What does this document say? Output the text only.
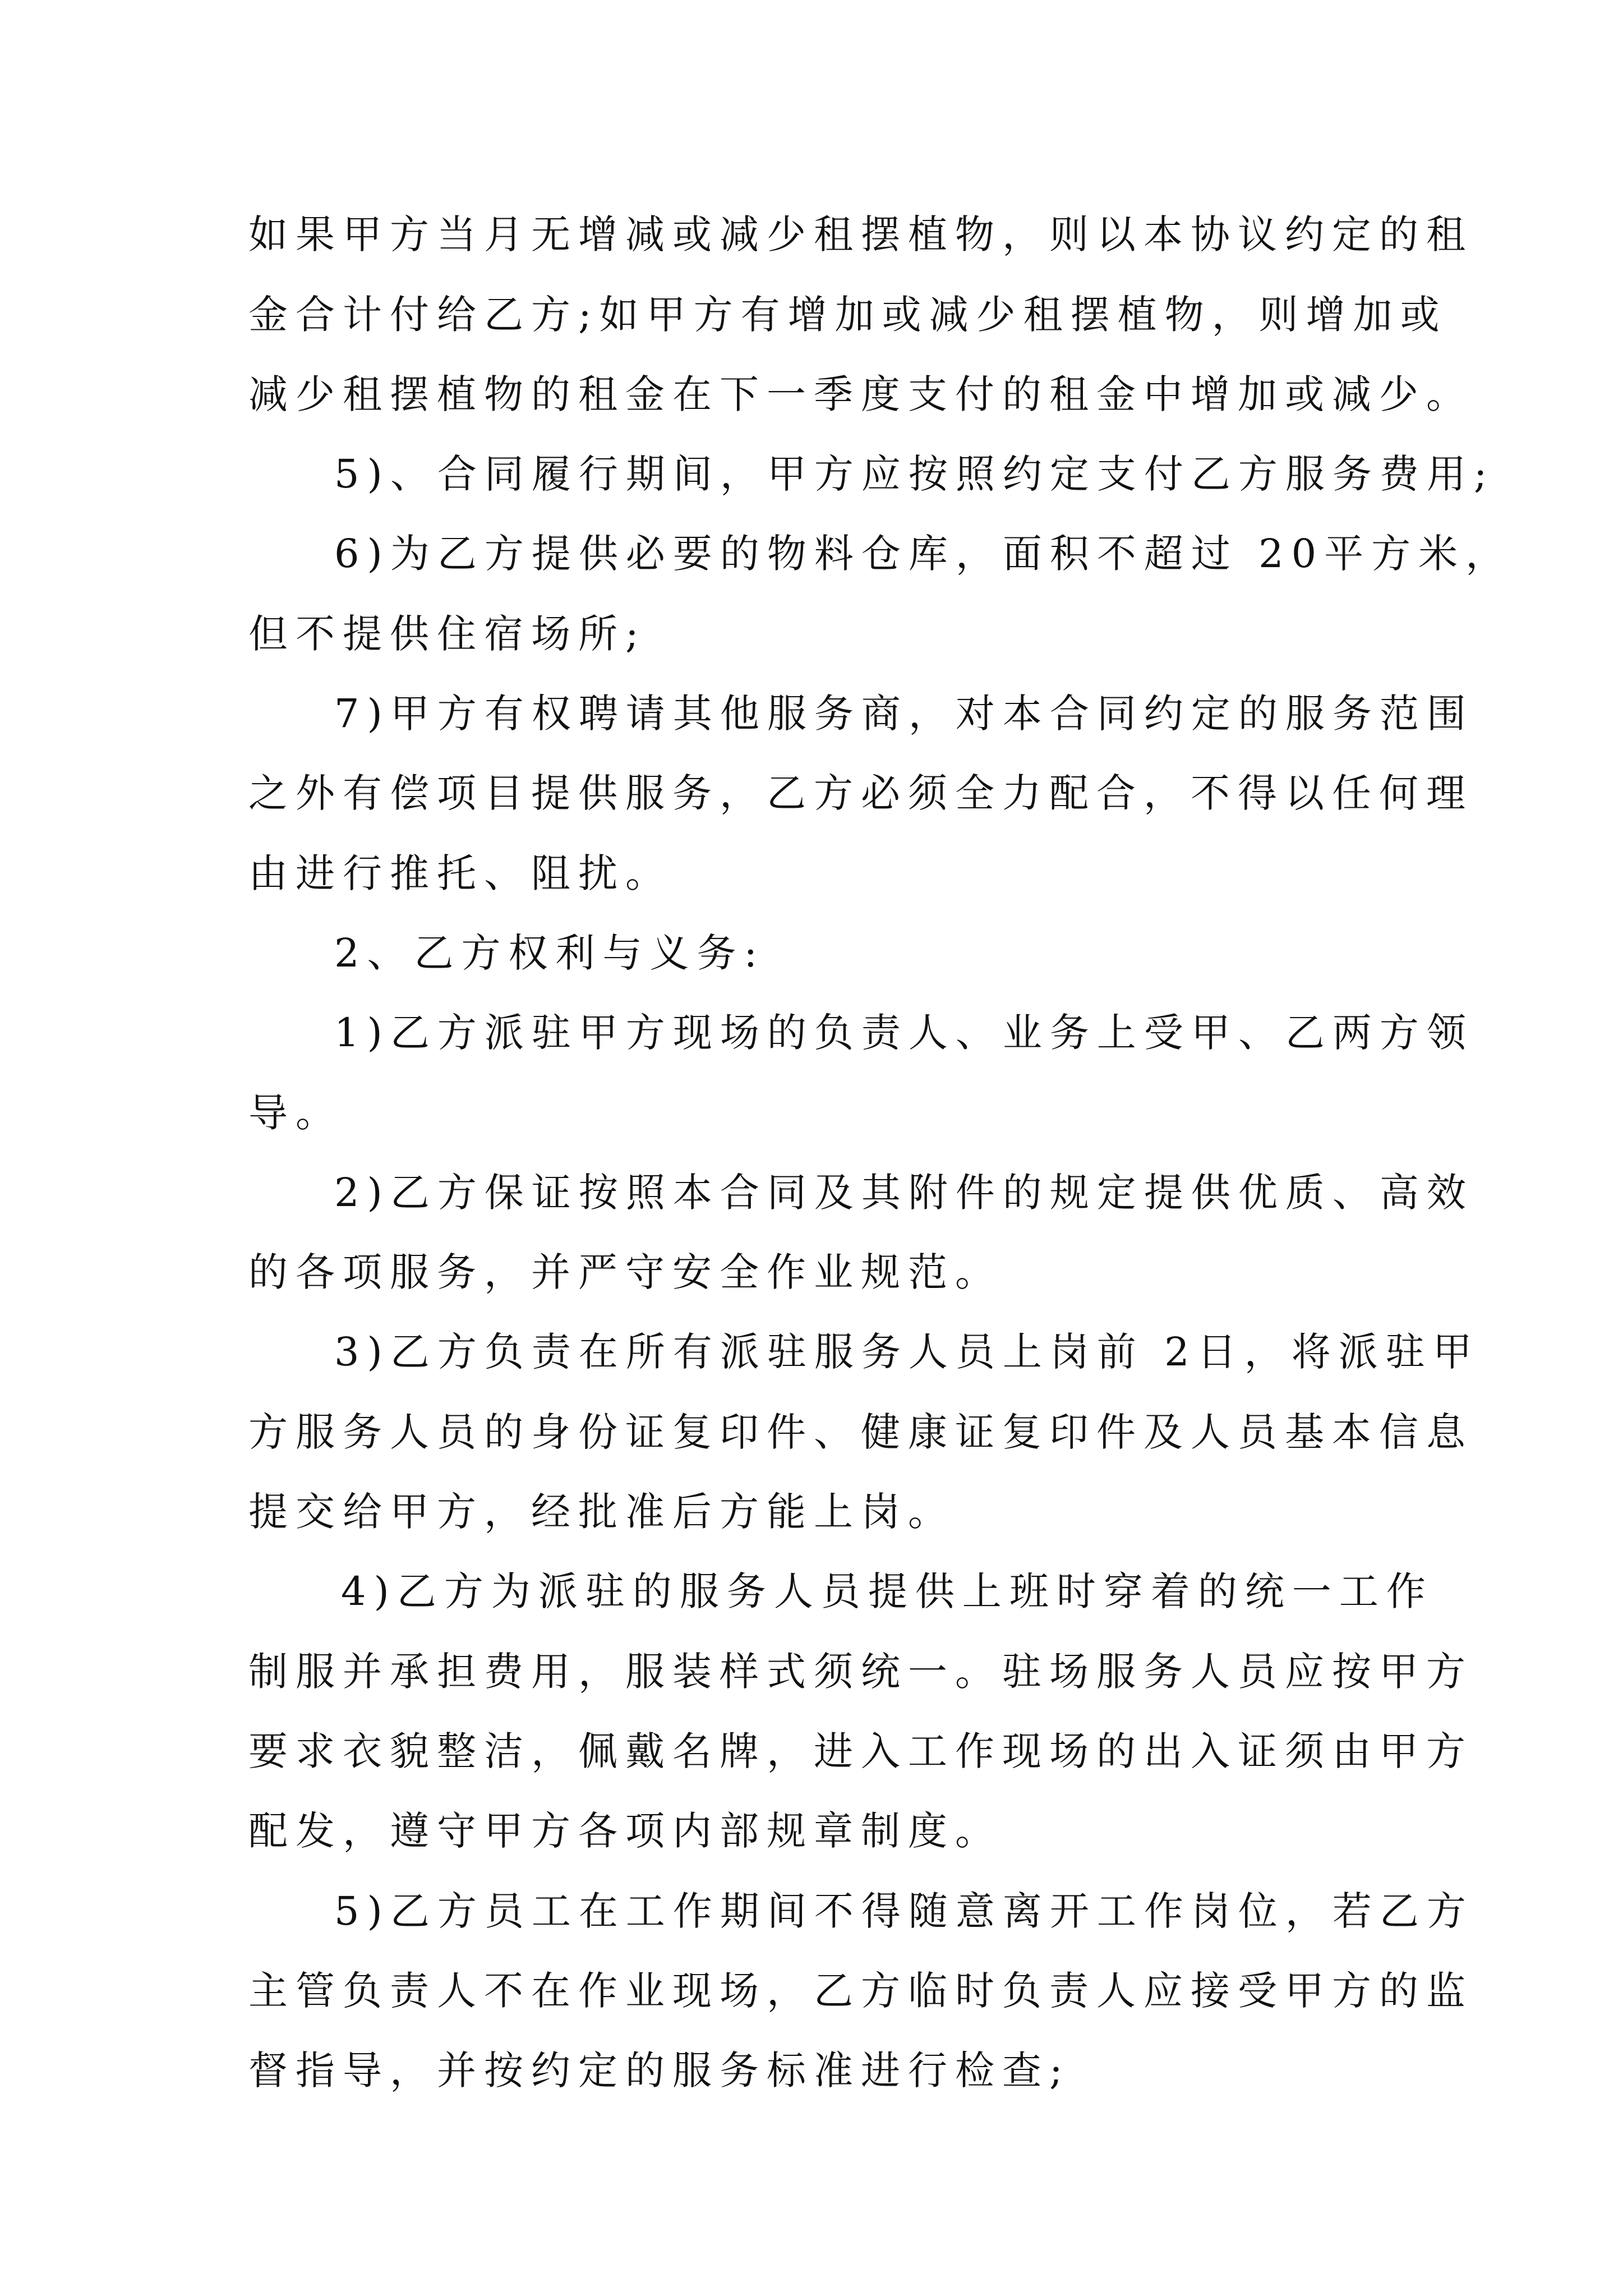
如果甲方当月无增减或减少租摆植物，则以本协议约定的租

金合计付给乙方;如甲方有增加或减少租摆植物，则增加或

减少租摆植物的租金在下一季度支付的租金中增加或减少。

5)、合同履行期间，甲方应按照约定支付乙方服务费用;

6)为乙方提供必要的物料仓库，面积不超过 20平方米，

但不提供住宿场所;

7)甲方有权聘请其他服务商，对本合同约定的服务范围

之外有偿项目提供服务，乙方必须全力配合，不得以任何理

由进行推托、阻扰。

2、乙方权利与义务:

1)乙方派驻甲方现场的负责人、业务上受甲、乙两方领

导。

2)乙方保证按照本合同及其附件的规定提供优质、高效

的各项服务，并严守安全作业规范。

3)乙方负责在所有派驻服务人员上岗前 2日，将派驻甲

方服务人员的身份证复印件、健康证复印件及人员基本信息

提交给甲方，经批准后方能上岗。

4)乙方为派驻的服务人员提供上班时穿着的统一工作

制服并承担费用，服装样式须统一。驻场服务人员应按甲方

要求衣貌整洁，佩戴名牌，进入工作现场的出入证须由甲方

配发，遵守甲方各项内部规章制度。

5)乙方员工在工作期间不得随意离开工作岗位，若乙方

主管负责人不在作业现场，乙方临时负责人应接受甲方的监

督指导，并按约定的服务标准进行检查;
